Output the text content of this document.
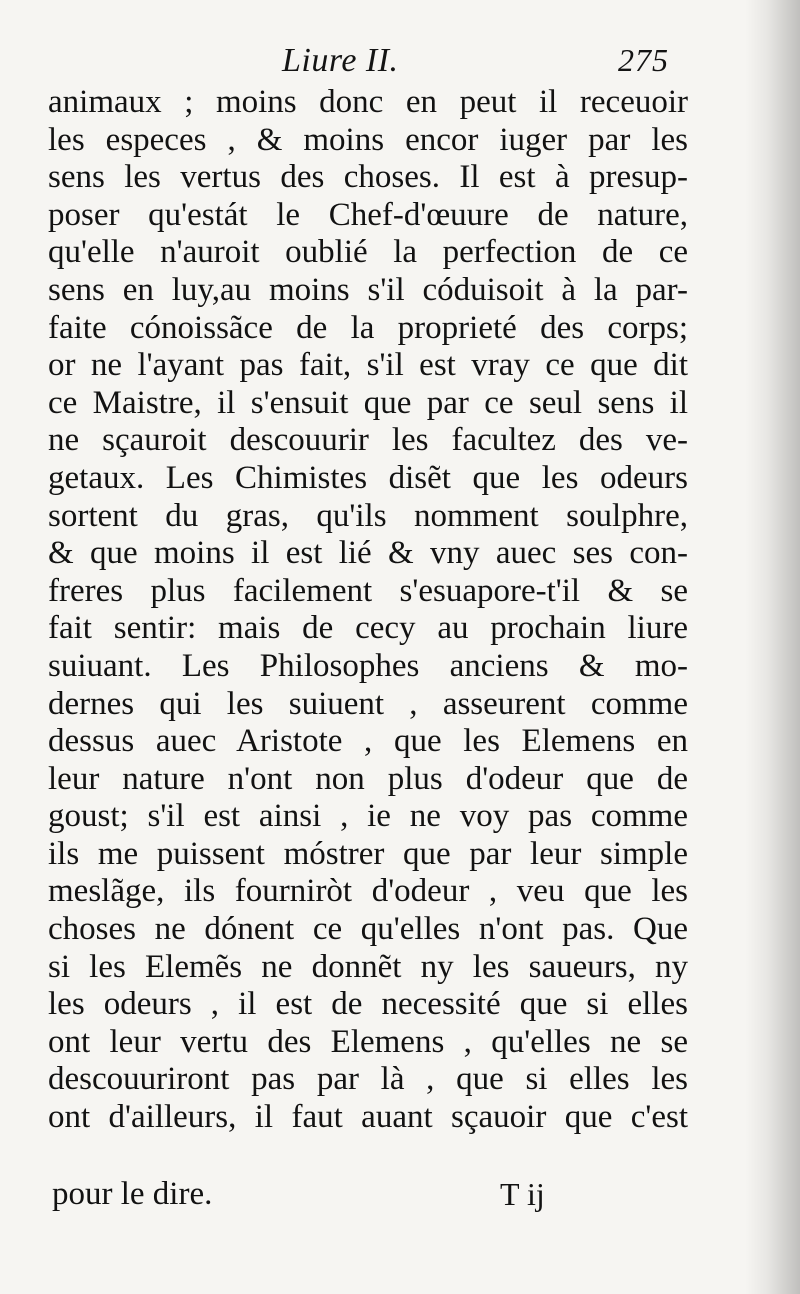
Liure II.	275
animaux ; moins donc en peut il receuoir
les especes , & moins encor iuger par les
sens les vertus des choses. Il est à presup-
poser qu'estát le Chef-d'œuure de nature,
qu'elle n'auroit oublié la perfection de ce
sens en luy,au moins s'il códuisoit à la par-
faite cónoissãce de la proprieté des corps;
or ne l'ayant pas fait, s'il est vray ce que dit
ce Maistre, il s'ensuit que par ce seul sens il
ne sçauroit descouurir les facultez des ve-
getaux. Les Chimistes disẽt que les odeurs
sortent du gras, qu'ils nomment soulphre,
& que moins il est lié & vny auec ses con-
freres plus facilement s'esuapore-t'il & se
fait sentir: mais de cecy au prochain liure
suiuant. Les Philosophes anciens & mo-
dernes qui les suiuent , asseurent comme
dessus auec Aristote , que les Elemens en
leur nature n'ont non plus d'odeur que de
goust; s'il est ainsi , ie ne voy pas comme
ils me puissent móstrer que par leur simple
meslãge, ils fourniròt d'odeur , veu que les
choses ne dónent ce qu'elles n'ont pas. Que
si les Elemẽs ne donnẽt ny les saueurs, ny
les odeurs , il est de necessité que si elles
ont leur vertu des Elemens , qu'elles ne se
descouuriront pas par là , que si elles les
ont d'ailleurs, il faut auant sçauoir que c'est
pour le dire.	T ij
